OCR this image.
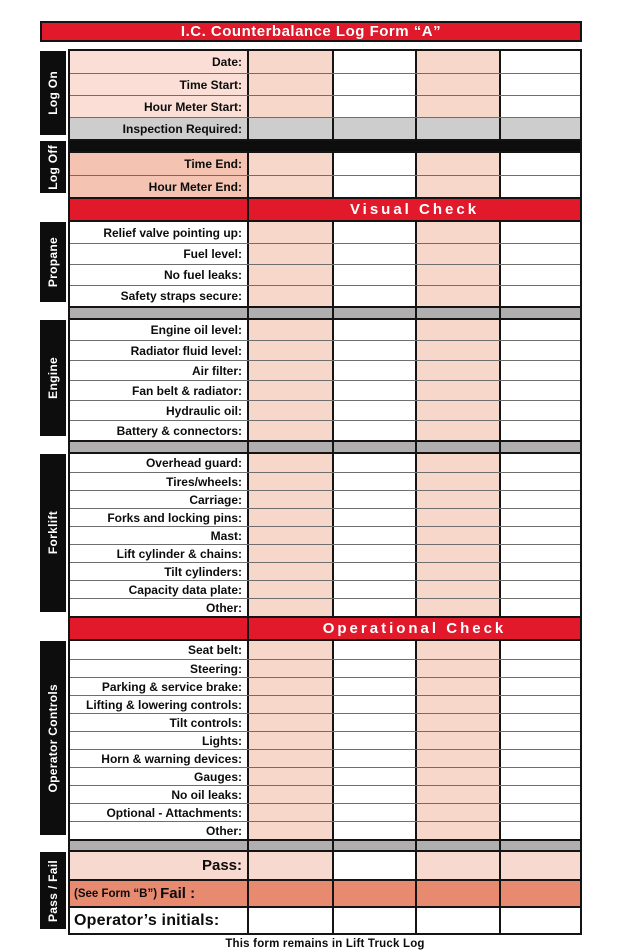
I.C. Counterbalance Log Form “A”
Log On
Log Off
Propane
Engine
Forklift
Operator Controls
Pass / Fail
Date:
Time Start:
Hour Meter Start:
Inspection Required:
Time End:
Hour Meter End:
Visual Check
Relief valve pointing up:
Fuel level:
No fuel leaks:
Safety straps secure:
Engine oil level:
Radiator fluid level:
Air filter:
Fan belt & radiator:
Hydraulic oil:
Battery & connectors:
Overhead guard:
Tires/wheels:
Carriage:
Forks and locking pins:
Mast:
Lift cylinder & chains:
Tilt cylinders:
Capacity data plate:
Other:
Operational Check
Seat belt:
Steering:
Parking & service brake:
Lifting & lowering controls:
Tilt controls:
Lights:
Horn & warning devices:
Gauges:
No oil leaks:
Optional - Attachments:
Other:
Pass:
(See Form “B”) Fail :
Operator’s initials:
This form remains in Lift Truck Log
